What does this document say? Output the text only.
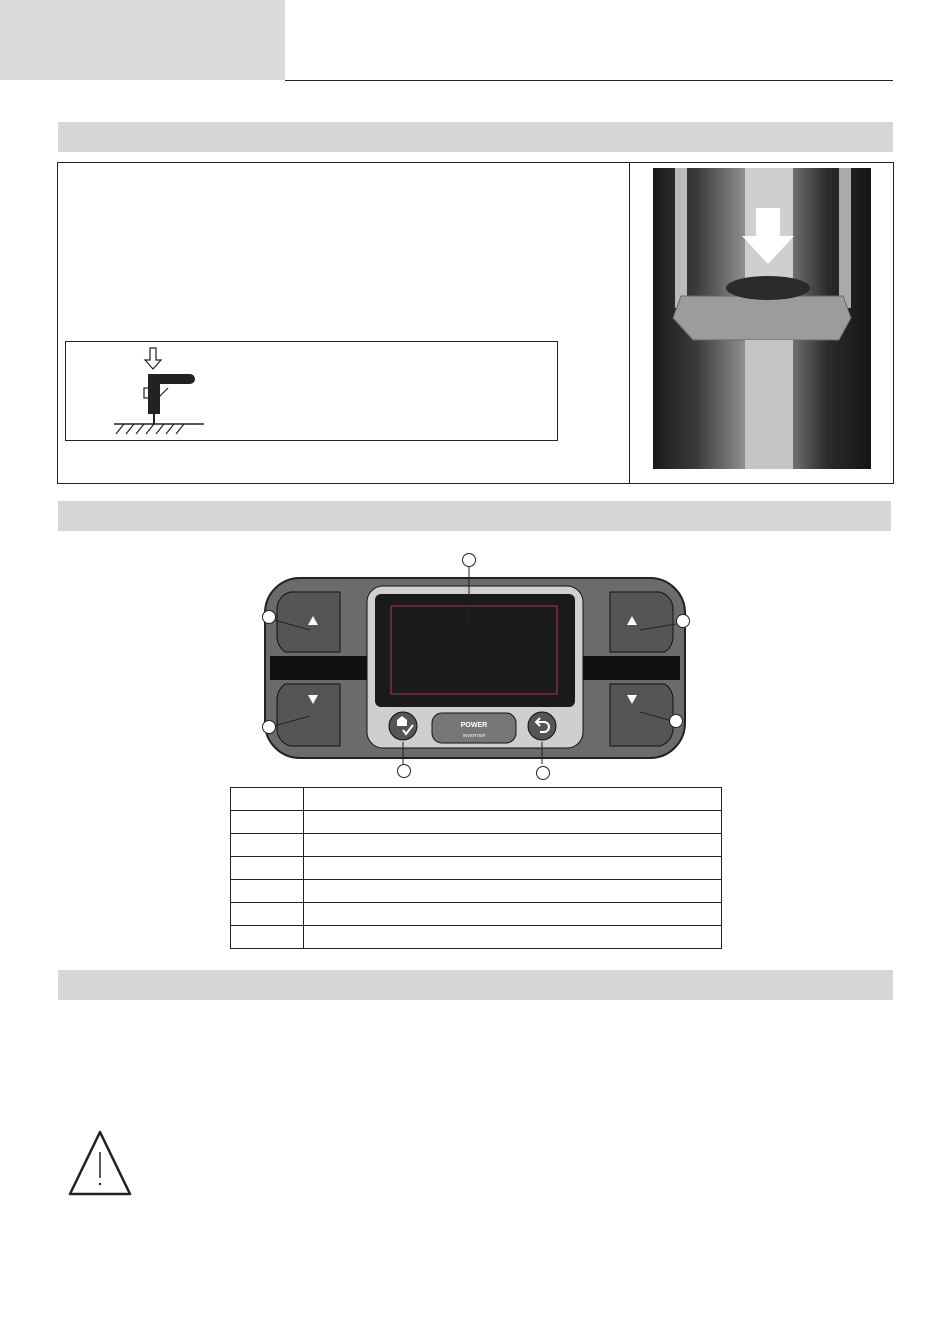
POWER
INVERTER
